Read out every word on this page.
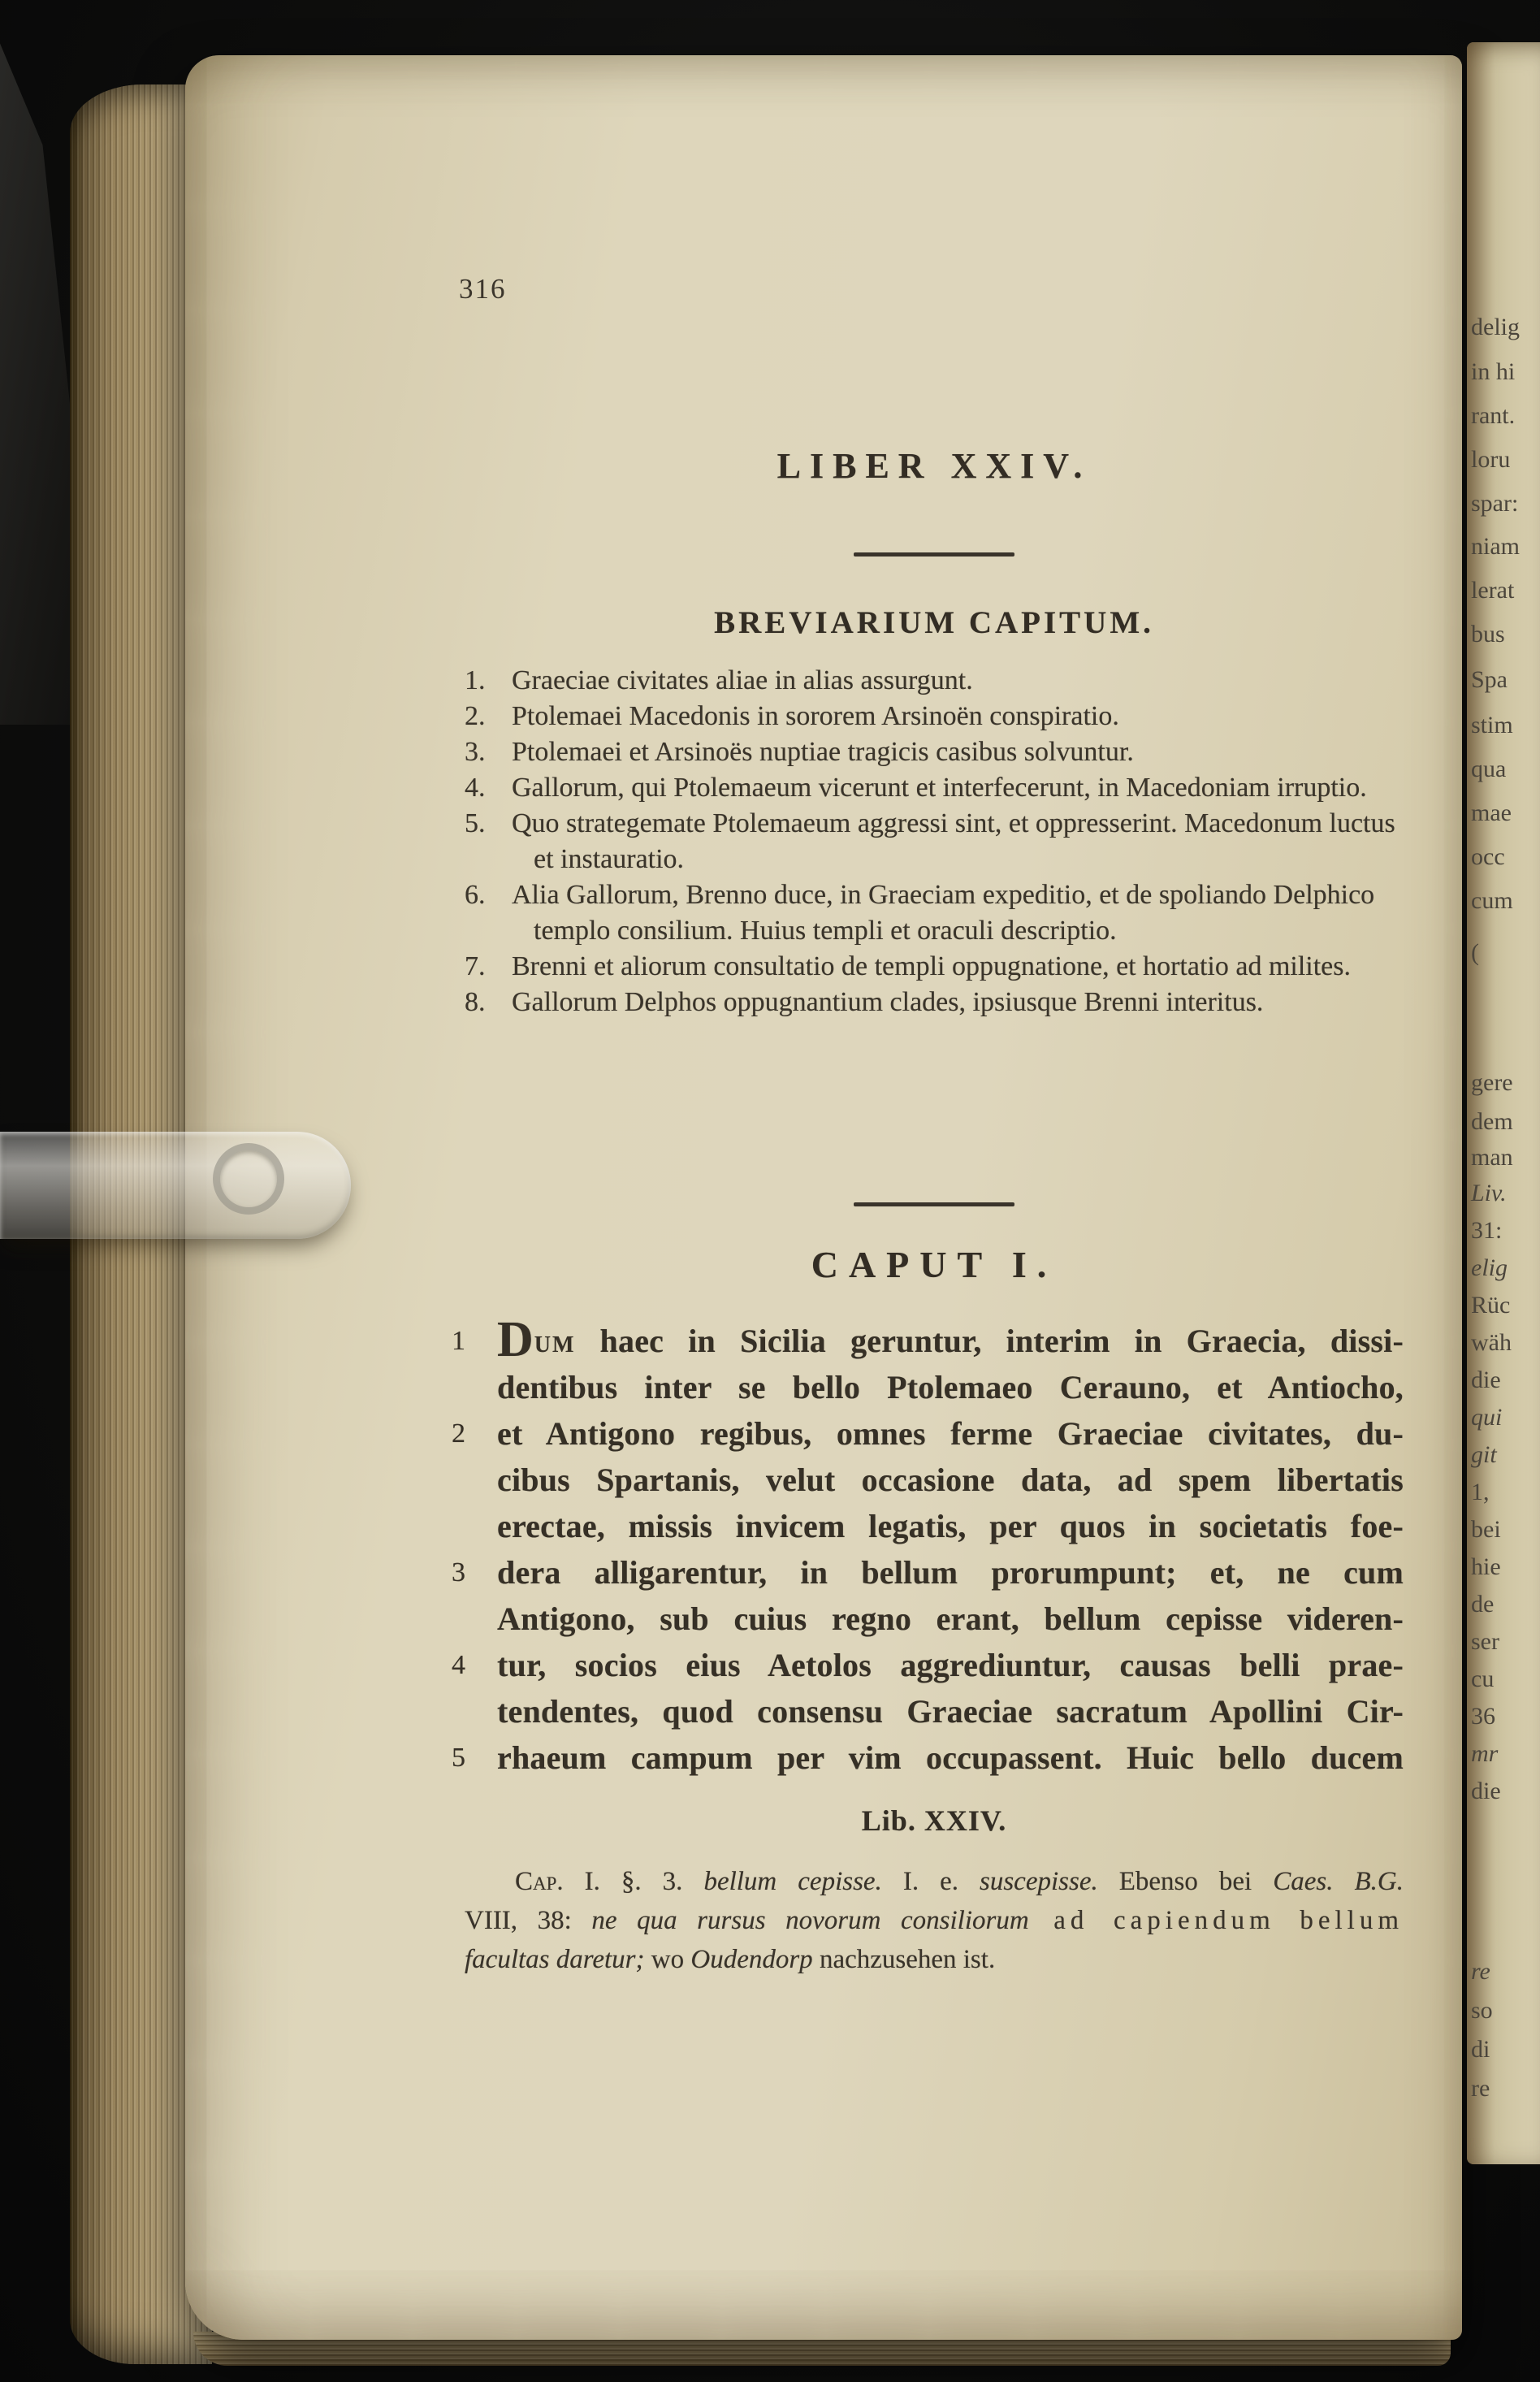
316
LIBER XXIV.
BREVIARIUM CAPITUM.
1. Graeciae civitates aliae in alias assurgunt.
2. Ptolemaei Macedonis in sororem Arsinoën conspiratio.
3. Ptolemaei et Arsinoës nuptiae tragicis casibus solvuntur.
4. Gallorum, qui Ptolemaeum vicerunt et interfecerunt, in Macedoniam irruptio.
5. Quo strategemate Ptolemaeum aggressi sint, et oppresserint. Macedonum luctus et instauratio.
6. Alia Gallorum, Brenno duce, in Graeciam expeditio, et de spoliando Delphico templo consilium. Huius templi et oraculi descriptio.
7. Brenni et aliorum consultatio de templi oppugnatione, et hortatio ad milites.
8. Gallorum Delphos oppugnantium clades, ipsiusque Brenni interitus.
CAPUT I.
1 Dum haec in Sicilia geruntur, interim in Graecia, dissi-
dentibus inter se bello Ptolemaeo Cerauno, et Antiocho,
2 et Antigono regibus, omnes ferme Graeciae civitates, du-
cibus Spartanis, velut occasione data, ad spem libertatis
erectae, missis invicem legatis, per quos in societatis foe-
3 dera alligarentur, in bellum prorumpunt; et, ne cum
Antigono, sub cuius regno erant, bellum cepisse videren-
4 tur, socios eius Aetolos aggrediuntur, causas belli prae-
tendentes, quod consensu Graeciae sacratum Apollini Cir-
5 rhaeum campum per vim occupassent. Huic bello ducem
Lib. XXIV.
Cap. I. §. 3. bellum cepisse. I. e. suscepisse. Ebenso bei Caes. B.G.
VIII, 38: ne qua rursus novorum consiliorum ad capiendum bellum
facultas daretur; wo Oudendorp nachzusehen ist.
delig
in hi
rant.
loru
spar:
niam
lerat
bus
Spa
stim
qua
mae
occ
cum
(
gere
dem
man
Liv.
31:
elig
Rüc
wäh
die
qui
git
1,
bei
hie
de
ser
cu
36
mr
die
re
so
di
re
